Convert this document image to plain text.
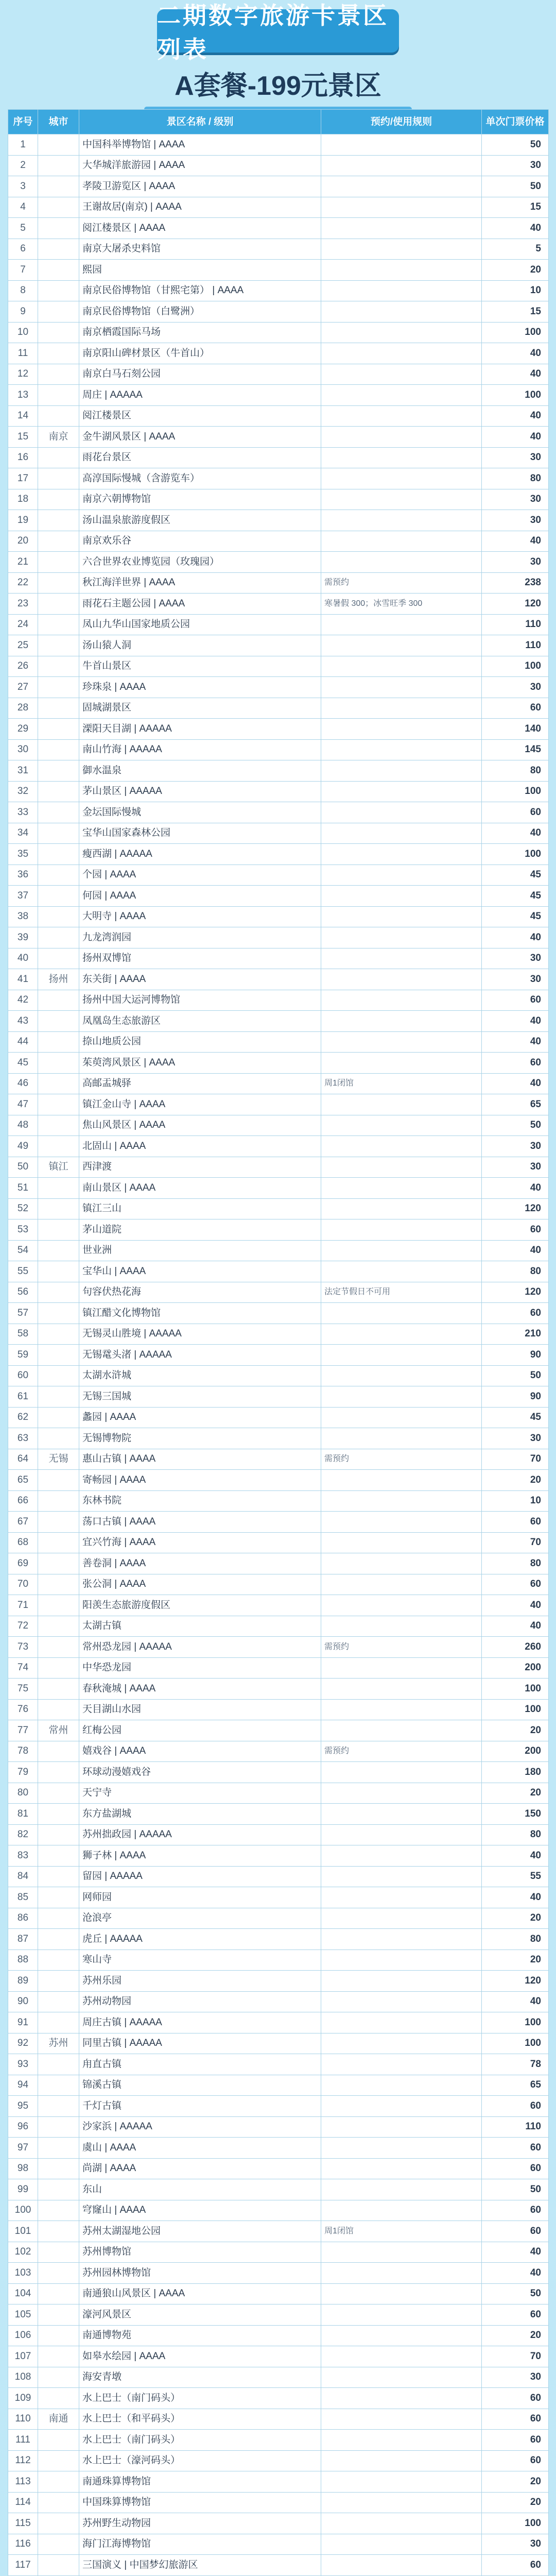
二期数字旅游卡景区列表
A套餐-199元景区
序号	城市	景区名称 / 级别	预约/使用规则	单次门票价格
1		中国科举博物馆 | AAAA		50
2		大华城洋旅游园 | AAAA		30
3		孝陵卫游览区 | AAAA		50
4		王谢故居(南京) | AAAA		15
5		阅江楼景区 | AAAA		40
6		南京大屠杀史料馆		5
7		熙园		20
8		南京民俗博物馆（甘熙宅第） | AAAA		10
9		南京民俗博物馆（白鹭洲）		15
10		南京栖霞国际马场		100
11		南京阳山碑材景区（牛首山）		40
12		南京白马石刻公园		40
13		周庄 | AAAAA		100
14		阅江楼景区		40
15	南京	金牛湖风景区 | AAAA		40
16		雨花台景区		30
17		高淳国际慢城（含游览车）		80
18		南京六朝博物馆		30
19		汤山温泉旅游度假区		30
20		南京欢乐谷		40
21		六合世界农业博览园（玫瑰园）		30
22		秋江海洋世界 | AAAA	需预约	238
23		雨花石主题公园 | AAAA	寒暑假 300；冰雪旺季 300	120
24		凤山九华山国家地质公园		110
25		汤山猿人洞		110
26		牛首山景区		100
27		珍珠泉 | AAAA		30
28		固城湖景区		60
29		溧阳天目湖 | AAAAA		140
30		南山竹海 | AAAAA		145
31		御水温泉		80
32		茅山景区 | AAAAA		100
33		金坛国际慢城		60
34		宝华山国家森林公园		40
35		瘦西湖 | AAAAA		100
36		个园 | AAAA		45
37		何园 | AAAA		45
38		大明寺 | AAAA		45
39		九龙湾润园		40
40		扬州双博馆		30
41	扬州	东关街 | AAAA		30
42		扬州中国大运河博物馆		60
43		凤凰岛生态旅游区		40
44		捺山地质公园		40
45		茱萸湾风景区 | AAAA		60
46		高邮盂城驿	周1闭馆	40
47		镇江金山寺 | AAAA		65
48		焦山风景区 | AAAA		50
49		北固山 | AAAA		30
50	镇江	西津渡		30
51		南山景区 | AAAA		40
52		镇江三山		120
53		茅山道院		60
54		世业洲		40
55		宝华山 | AAAA		80
56		句容伏热花海	法定节假日不可用	120
57		镇江醋文化博物馆		60
58		无锡灵山胜境 | AAAAA		210
59		无锡鼋头渚 | AAAAA		90
60		太湖水浒城		50
61		无锡三国城		90
62		蠡园 | AAAA		45
63		无锡博物院		30
64	无锡	惠山古镇 | AAAA	需预约	70
65		寄畅园 | AAAA		20
66		东林书院		10
67		荡口古镇 | AAAA		60
68		宜兴竹海 | AAAA		70
69		善卷洞 | AAAA		80
70		张公洞 | AAAA		60
71		阳羡生态旅游度假区		40
72		太湖古镇		40
73		常州恐龙园 | AAAAA	需预约	260
74		中华恐龙园		200
75		春秋淹城 | AAAA		100
76		天目湖山水园		100
77	常州	红梅公园		20
78		嬉戏谷 | AAAA	需预约	200
79		环球动漫嬉戏谷		180
80		天宁寺		20
81		东方盐湖城		150
82		苏州拙政园 | AAAAA		80
83		狮子林 | AAAA		40
84		留园 | AAAAA		55
85		网师园		40
86		沧浪亭		20
87		虎丘 | AAAAA		80
88		寒山寺		20
89		苏州乐园		120
90		苏州动物园		40
91		周庄古镇 | AAAAA		100
92	苏州	同里古镇 | AAAAA		100
93		甪直古镇		78
94		锦溪古镇		65
95		千灯古镇		60
96		沙家浜 | AAAAA		110
97		虞山 | AAAA		60
98		尚湖 | AAAA		60
99		东山		50
100		穹窿山 | AAAA		60
101		苏州太湖湿地公园	周1闭馆	60
102		苏州博物馆		40
103		苏州园林博物馆		40
104		南通狼山风景区 | AAAA		50
105		濠河风景区		60
106		南通博物苑		20
107		如皋水绘园 | AAAA		70
108		海安青墩		30
109		水上巴士（南门码头）		60
110	南通	水上巴士（和平码头）		60
111		水上巴士（南门码头）		60
112		水上巴士（濠河码头）		60
113		南通珠算博物馆		20
114		中国珠算博物馆		20
115		苏州野生动物园		100
116		海门江海博物馆		30
117		三国演义 | 中国梦幻旅游区		60
